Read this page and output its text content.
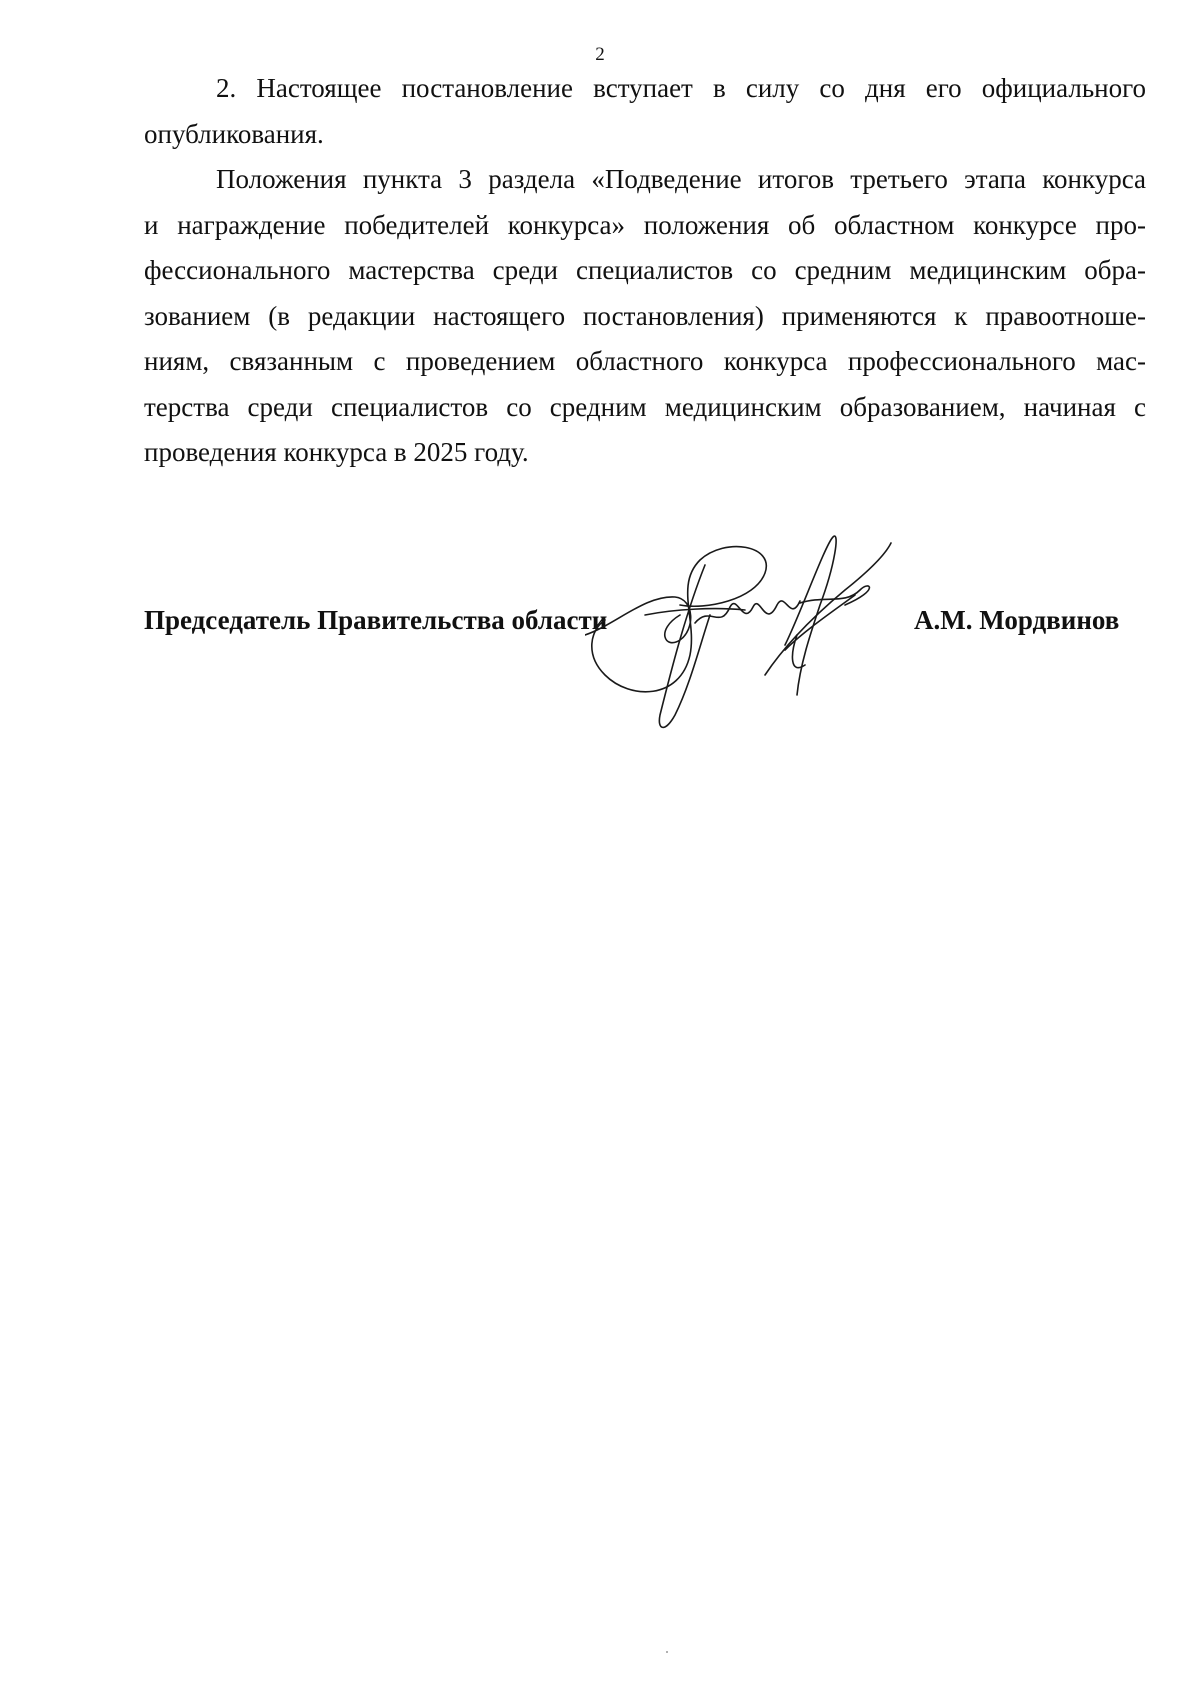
2
2. Настоящее постановление вступает в силу со дня его официального
опубликования.
Положения пункта 3 раздела «Подведение итогов третьего этапа конкурса
и награждение победителей конкурса» положения об областном конкурсе про-
фессионального мастерства среди специалистов со средним медицинским обра-
зованием (в редакции настоящего постановления) применяются к правоотноше-
ниям, связанным с проведением областного конкурса профессионального мас-
терства среди специалистов со средним медицинским образованием, начиная с
проведения конкурса в 2025 году.
Председатель Правительства области	А.М. Мордвинов
